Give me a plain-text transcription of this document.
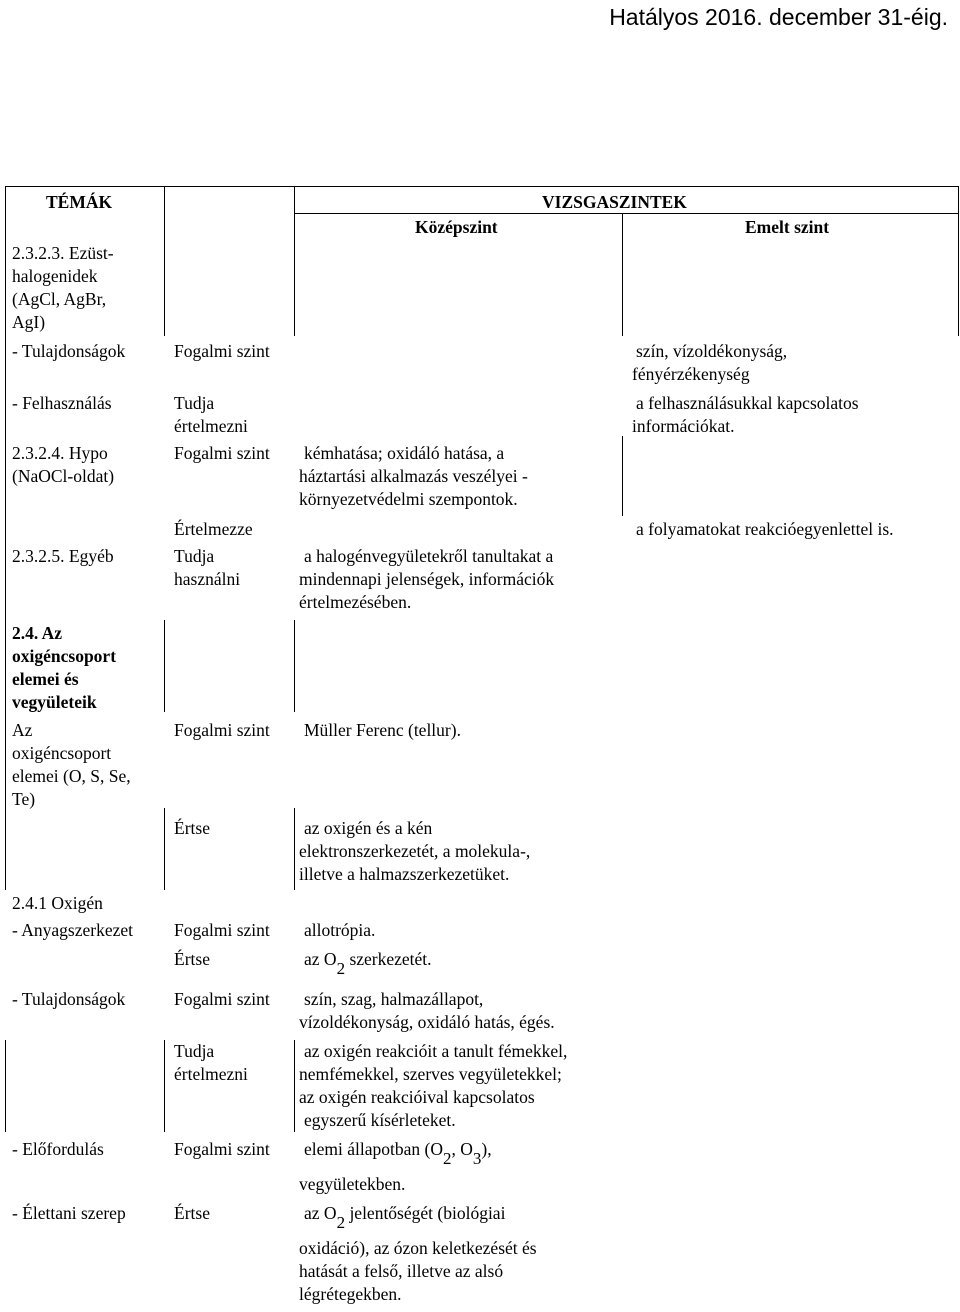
Hatályos 2016. december 31-éig.
TÉMÁK	VIZSGASZINTEK
Középszint	Emelt szint
2.3.2.3. Ezüst-
halogenidek
(AgCl, AgBr,
AgI)
- Tulajdonságok
- Felhasználás
2.3.2.4. Hypo
(NaOCl-oldat)
2.3.2.5. Egyéb
2.4. Az
oxigéncsoport
elemei és
vegyületeik
Az
oxigéncsoport
elemei (O, S, Se,
Te)
2.4.1 Oxigén
- Anyagszerkezet
- Tulajdonságok
- Előfordulás
- Élettani szerep
Fogalmi szint
Tudja
értelmezni
Fogalmi szint
Értelmezze
Tudja
használni
Fogalmi szint
Értse
Fogalmi szint
Értse
Fogalmi szint
Tudja
értelmezni
Fogalmi szint
Értse
kémhatása; oxidáló hatása, a
háztartási alkalmazás veszélyei -
környezetvédelmi szempontok.
a halogénvegyületekről tanultakat a
mindennapi jelenségek, információk
értelmezésében.
Müller Ferenc (tellur).
az oxigén és a kén
elektronszerkezetét, a molekula-,
illetve a halmazszerkezetüket.
allotrópia.
az $O_2$ szerkezetét.
szín, szag, halmazállapot,
vízoldékonyság, oxidáló hatás, égés.
az oxigén reakcióit a tanult fémekkel,
nemfémekkel, szerves vegyületekkel;
az oxigén reakcióival kapcsolatos
egyszerű kísérleteket.
elemi állapotban ($O_2$, $O_3$),
vegyületekben.
az $O_2$ jelentőségét (biológiai
oxidáció), az ózon keletkezését és
hatását a felső, illetve az alsó
légrétegekben.
szín, vízoldékonyság,
fényérzékenység
a felhasználásukkal kapcsolatos
információkat.
a folyamatokat reakcióegyenlettel is.
